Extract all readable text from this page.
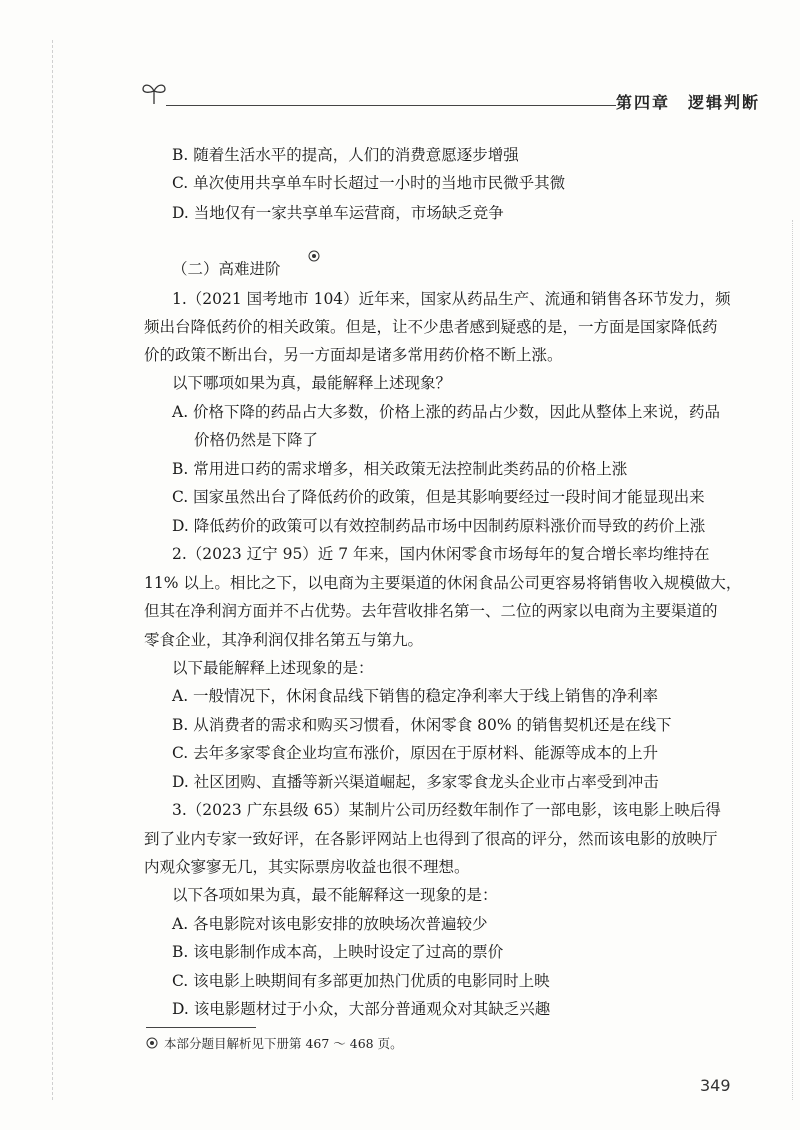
第四章　逻辑判断
B. 随着生活水平的提高，人们的消费意愿逐步增强
C. 单次使用共享单车时长超过一小时的当地市民微乎其微
D. 当地仅有一家共享单车运营商，市场缺乏竞争
（二）高难进阶
1.（2021 国考地市 104）近年来，国家从药品生产、流通和销售各环节发力，频
频出台降低药价的相关政策。但是，让不少患者感到疑惑的是，一方面是国家降低药
价的政策不断出台，另一方面却是诸多常用药价格不断上涨。
以下哪项如果为真，最能解释上述现象？
A. 价格下降的药品占大多数，价格上涨的药品占少数，因此从整体上来说，药品
价格仍然是下降了
B. 常用进口药的需求增多，相关政策无法控制此类药品的价格上涨
C. 国家虽然出台了降低药价的政策，但是其影响要经过一段时间才能显现出来
D. 降低药价的政策可以有效控制药品市场中因制药原料涨价而导致的药价上涨
2.（2023 辽宁 95）近 7 年来，国内休闲零食市场每年的复合增长率均维持在
11% 以上。相比之下，以电商为主要渠道的休闲食品公司更容易将销售收入规模做大，
但其在净利润方面并不占优势。去年营收排名第一、二位的两家以电商为主要渠道的
零食企业，其净利润仅排名第五与第九。
以下最能解释上述现象的是：
A. 一般情况下，休闲食品线下销售的稳定净利率大于线上销售的净利率
B. 从消费者的需求和购买习惯看，休闲零食 80% 的销售契机还是在线下
C. 去年多家零食企业均宣布涨价，原因在于原材料、能源等成本的上升
D. 社区团购、直播等新兴渠道崛起，多家零食龙头企业市占率受到冲击
3.（2023 广东县级 65）某制片公司历经数年制作了一部电影，该电影上映后得
到了业内专家一致好评，在各影评网站上也得到了很高的评分，然而该电影的放映厅
内观众寥寥无几，其实际票房收益也很不理想。
以下各项如果为真，最不能解释这一现象的是：
A. 各电影院对该电影安排的放映场次普遍较少
B. 该电影制作成本高，上映时设定了过高的票价
C. 该电影上映期间有多部更加热门优质的电影同时上映
D. 该电影题材过于小众，大部分普通观众对其缺乏兴趣
本部分题目解析见下册第 467 ～ 468 页。
349
